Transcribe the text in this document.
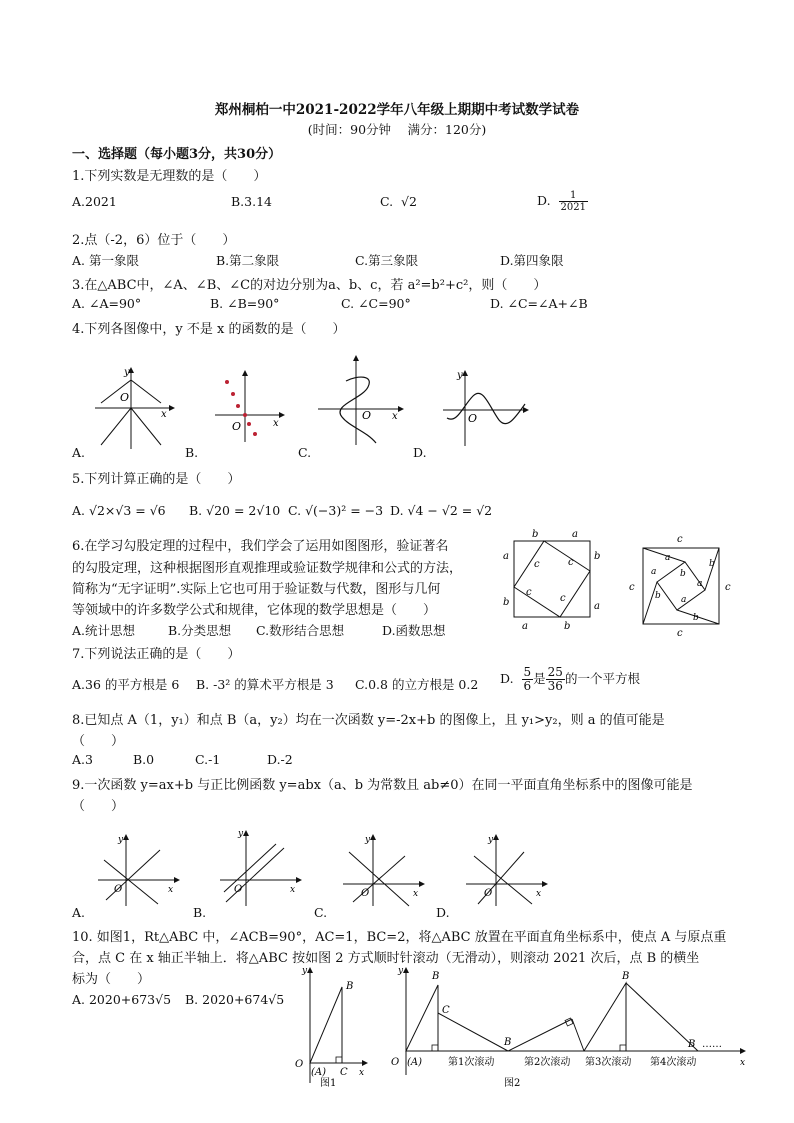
郑州桐柏一中2021-2022学年八年级上期期中考试数学试卷
(时间：90分钟　 满分：120分)
一、选择题（每小题3分，共30分）
1.下列实数是无理数的是（　　）
A.2021	B.3.14	C. √2	D. $\frac{1}{2021}$
2.点（-2，6）位于（　　）
A. 第一象限	B.第二象限	C.第三象限	D.第四象限
3.在△ABC中，∠A、∠B、∠C的对边分别为a、b、c，若 a²=b²+c²，则（　　）
A. ∠A=90°	B. ∠B=90°	C. ∠C=90°	D. ∠C=∠A+∠B
4.下列各图像中，y 不是 x 的函数的是（　　）
O
x
y
O	x
O x	O
y
A.	B.	C.	D.
5.下列计算正确的是（　　）
A. √2×√3 = √6 B. √20 = 2√10 C. √(−3)² = −3 D. √4 − √2 = √2
6.在学习勾股定理的过程中，我们学会了运用如图图形，验证著名
的勾股定理，这种根据图形直观推理或验证数学规律和公式的方法，
简称为“无字证明”.实际上它也可用于验证数与代数，图形与几何
等领域中的许多数学公式和规律，它体现的数学思想是（　　）
A.统计思想	B.分类思想 C.数形结合思想	D.函数思想
b	a
a
b
b
a
a	b
c	c
c
c
c
c	c
c
a
b
b
a
a
b
b
a
7.下列说法正确的是（　　）
A.36 的平方根是 6 B. -3² 的算术平方根是 3 C.0.8 的立方根是 0.2 D. $\frac{5}{6}$ 是 $\frac{25}{36}$ 的一个平方根
8.已知点 A（1，y₁）和点 B（a，y₂）均在一次函数 y=-2x+b 的图像上，且 y₁>y₂，则 a 的值可能是
（　　）
A.3	B.0	C.-1	D.-2
9.一次函数 y=ax+b 与正比例函数 y=abx（a、b 为常数且 ab≠0）在同一平面直角坐标系中的图像可能是
（　　）
O	x
y
O	x
y
O	x
y
O	x
y
A.	B.	C.	D.
10. 如图1，Rt△ABC 中，∠ACB=90°，AC=1，BC=2，将△ABC 放置在平面直角坐标系中，使点 A 与原点重
合，点 C 在 x 轴正半轴上．将△ABC 按如图 2 方式顺时针滚动（无滑动），则滚动 2021 次后，点 B 的横坐
标为（　　）
A. 2020+673√5 B. 2020+674√5
O
(A)
B
C x
y
图1
O (A)
B
C
B
B
B ……
第1次滚动	第2次滚动 第3次滚动 第4次滚动	x
y
图2
